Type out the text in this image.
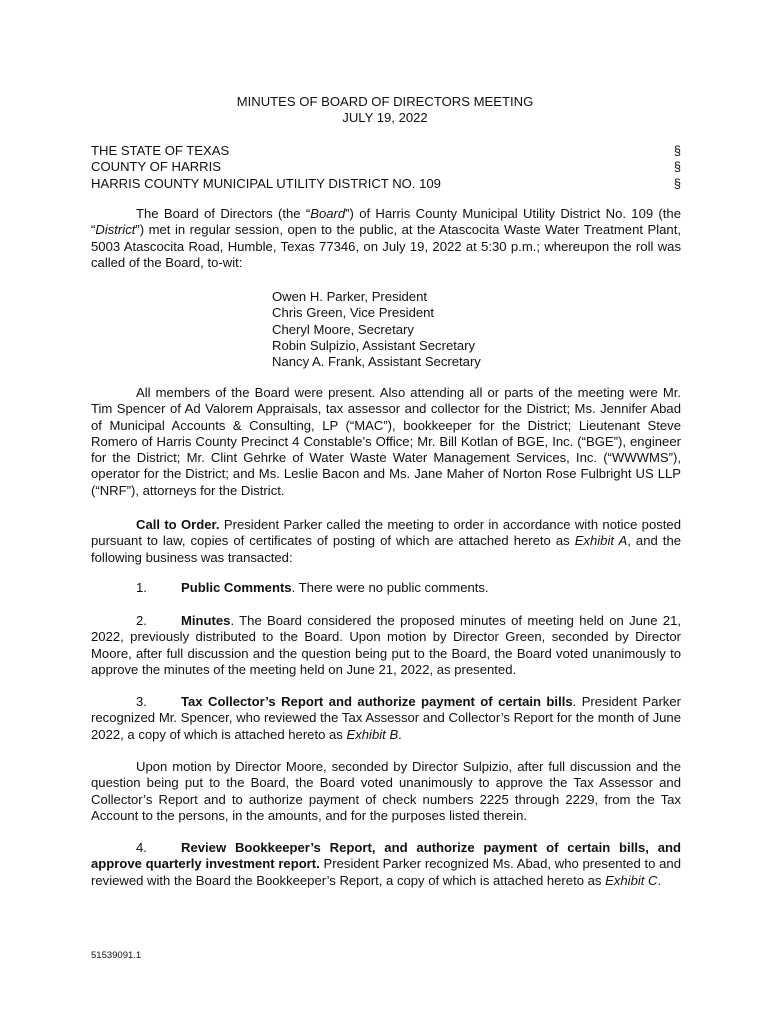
MINUTES OF BOARD OF DIRECTORS MEETING
JULY 19, 2022
THE STATE OF TEXAS	§
COUNTY OF HARRIS	§
HARRIS COUNTY MUNICIPAL UTILITY DISTRICT NO. 109	§
The Board of Directors (the “Board”) of Harris County Municipal Utility District No. 109 (the “District”) met in regular session, open to the public, at the Atascocita Waste Water Treatment Plant, 5003 Atascocita Road, Humble, Texas 77346, on July 19, 2022 at 5:30 p.m.; whereupon the roll was called of the Board, to-wit:
Owen H. Parker, President
Chris Green, Vice President
Cheryl Moore, Secretary
Robin Sulpizio, Assistant Secretary
Nancy A. Frank, Assistant Secretary
All members of the Board were present. Also attending all or parts of the meeting were Mr. Tim Spencer of Ad Valorem Appraisals, tax assessor and collector for the District; Ms. Jennifer Abad of Municipal Accounts & Consulting, LP (“MAC”), bookkeeper for the District; Lieutenant Steve Romero of Harris County Precinct 4 Constable’s Office; Mr. Bill Kotlan of BGE, Inc. (“BGE”), engineer for the District; Mr. Clint Gehrke of Water Waste Water Management Services, Inc. (“WWWMS”), operator for the District; and Ms. Leslie Bacon and Ms. Jane Maher of Norton Rose Fulbright US LLP (“NRF”), attorneys for the District.
Call to Order. President Parker called the meeting to order in accordance with notice posted pursuant to law, copies of certificates of posting of which are attached hereto as Exhibit A, and the following business was transacted:
1.	Public Comments. There were no public comments.
2.	Minutes. The Board considered the proposed minutes of meeting held on June 21, 2022, previously distributed to the Board. Upon motion by Director Green, seconded by Director Moore, after full discussion and the question being put to the Board, the Board voted unanimously to approve the minutes of the meeting held on June 21, 2022, as presented.
3.	Tax Collector’s Report and authorize payment of certain bills. President Parker recognized Mr. Spencer, who reviewed the Tax Assessor and Collector’s Report for the month of June 2022, a copy of which is attached hereto as Exhibit B.
Upon motion by Director Moore, seconded by Director Sulpizio, after full discussion and the question being put to the Board, the Board voted unanimously to approve the Tax Assessor and Collector’s Report and to authorize payment of check numbers 2225 through 2229, from the Tax Account to the persons, in the amounts, and for the purposes listed therein.
4.	Review Bookkeeper’s Report, and authorize payment of certain bills, and approve quarterly investment report. President Parker recognized Ms. Abad, who presented to and reviewed with the Board the Bookkeeper’s Report, a copy of which is attached hereto as Exhibit C.
51539091.1
